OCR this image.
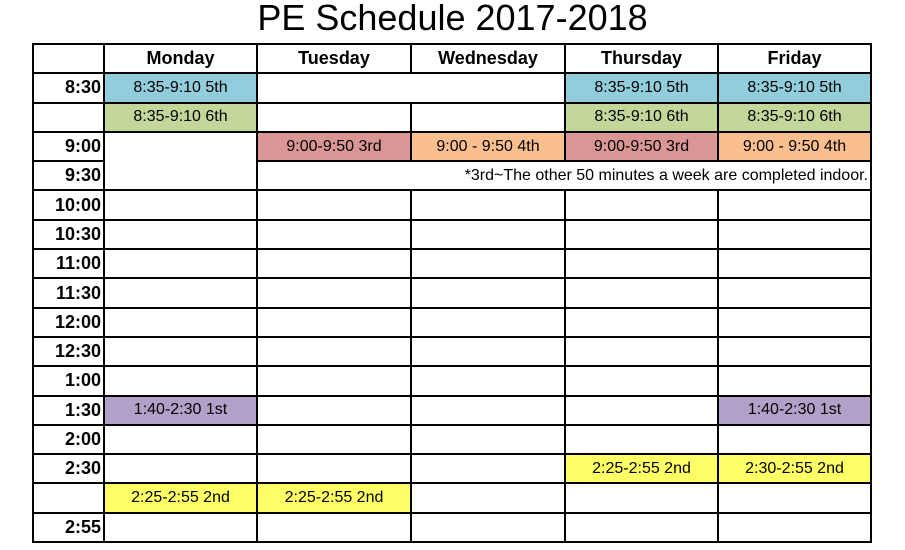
PE Schedule 2017-2018
	Monday	Tuesday	Wednesday	Thursday	Friday
8:30	8:35-9:10 5th			8:35-9:10 5th	8:35-9:10 5th
	8:35-9:10 6th			8:35-9:10 6th	8:35-9:10 6th
9:00		9:00-9:50 3rd	9:00 - 9:50 4th	9:00-9:50 3rd	9:00 - 9:50 4th
9:30		*3rd~The other 50 minutes a week are completed indoor.			
10:00					
10:30					
11:00					
11:30					
12:00					
12:30					
1:00					
1:30	1:40-2:30 1st				1:40-2:30 1st
2:00					
2:30				2:25-2:55 2nd	2:30-2:55 2nd
	2:25-2:55 2nd	2:25-2:55 2nd			
2:55					
